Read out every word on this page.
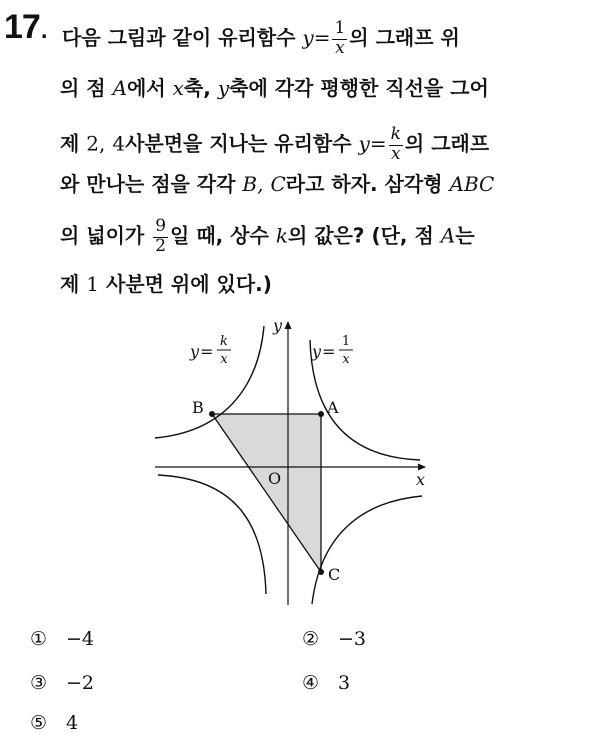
17. 다음 그림과 같이 유리함수 $y= \frac{1}{x}$ 의 그래프 위
의 점 A에서 x축, y축에 각각 평행한 직선을 그어
제 2, 4사분면을 지나는 유리함수 $y= \frac{k}{x}$ 의 그래프
와 만나는 점을 각각 B, C라고 하자. 삼각형 ABC
의 넓이가 $\frac{9}{2}$ 일 때, 상수 k의 값은? (단, 점 A는
제 1 사분면 위에 있다.)
B	A
C
O	x
y
y =
k
x	y =
1
x
① −4	② −3
③ −2	④ 3
⑤ 4
